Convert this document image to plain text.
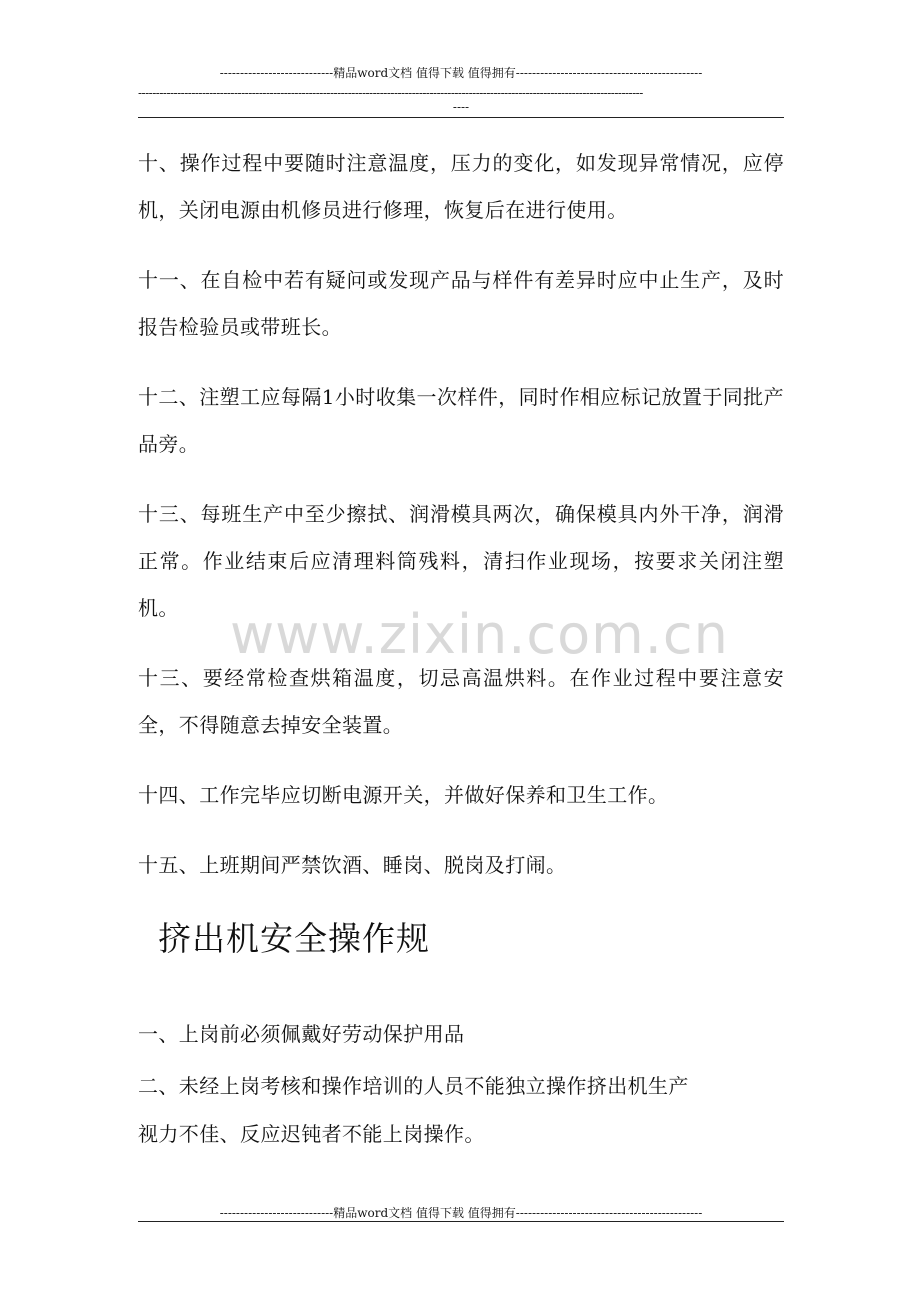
----------------------------精品word文档 值得下载 值得拥有----------------------------------------------
----------------------------------------------------------------------------------------------------------------------------------------------
----

十、操作过程中要随时注意温度，压力的变化，如发现异常情况，应停机，关闭电源由机修员进行修理，恢复后在进行使用。

十一、在自检中若有疑问或发现产品与样件有差异时应中止生产，及时报告检验员或带班长。

十二、注塑工应每隔1小时收集一次样件，同时作相应标记放置于同批产品旁。

十三、每班生产中至少擦拭、润滑模具两次，确保模具内外干净，润滑正常。作业结束后应清理料筒残料，清扫作业现场，按要求关闭注塑机。

十三、要经常检查烘箱温度，切忌高温烘料。在作业过程中要注意安全，不得随意去掉安全装置。

十四、工作完毕应切断电源开关，并做好保养和卫生工作。

十五、上班期间严禁饮酒、睡岗、脱岗及打闹。

挤出机安全操作规

一、上岗前必须佩戴好劳动保护用品

二、未经上岗考核和操作培训的人员不能独立操作挤出机生产

视力不佳、反应迟钝者不能上岗操作。

www.zixin.com.cn
----------------------------精品word文档 值得下载 值得拥有----------------------------------------------
